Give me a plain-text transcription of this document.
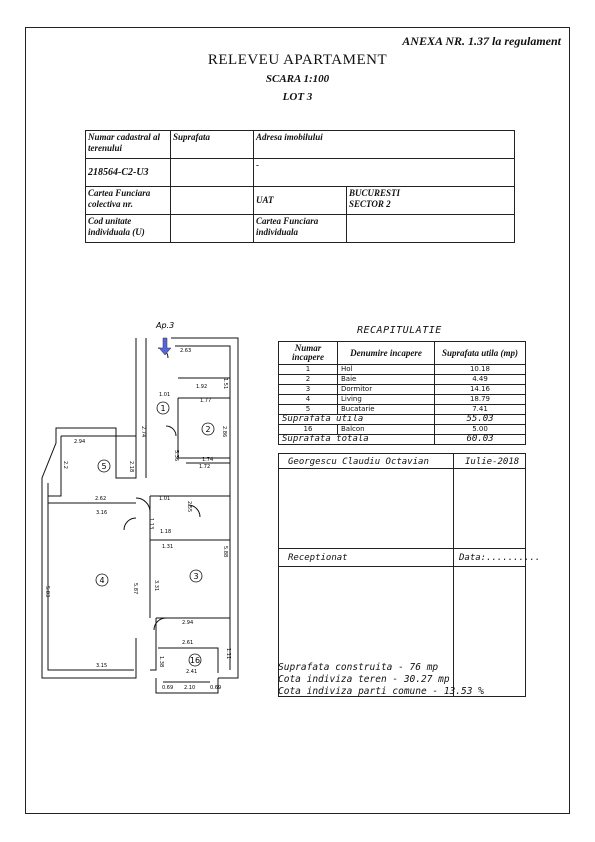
ANEXA NR. 1.37 la regulament
RELEVEU APARTAMENT
SCARA 1:100
LOT 3
Numar cadastral al terenului	Suprafata	Adresa imobilului	
218564-C2-U3		-	
Cartea Funciara colectiva nr.		UAT	BUCURESTI
SECTOR 2

Cod unitate individuala (U)		Cartea Funciara individuala	
Ap.3
1
2
3
4
5
16
2.63
1.51
1.92
1.01
1.77
2.74	2.86
2.94
2.2	2.18
5.36	1.74
1.72
2.62
3.16
1.01
2.55
1.13
1.18
1.31
5.83	5.87	3.31
5.88
2.94
2.61
3.15	1.38
1.11
2.41
2.10
0.69	0.69
RECAPITULATIE
Numar incapere	Denumire incapere	Suprafata utila (mp)
1	Hol	10.18
2	Baie	4.49
3	Dormitor	14.16
4	Living	18.79
5	Bucatarie	7.41
Suprafata utila		55.03
16	Balcon	5.00
Suprafata totala		60.03
Georgescu Claudiu Octavian	Iulie-2018
Receptionat	Data:..........
Suprafata construita - 76 mp
Cota indiviza teren - 30.27 mp
Cota indiviza parti comune - 13.53 %
